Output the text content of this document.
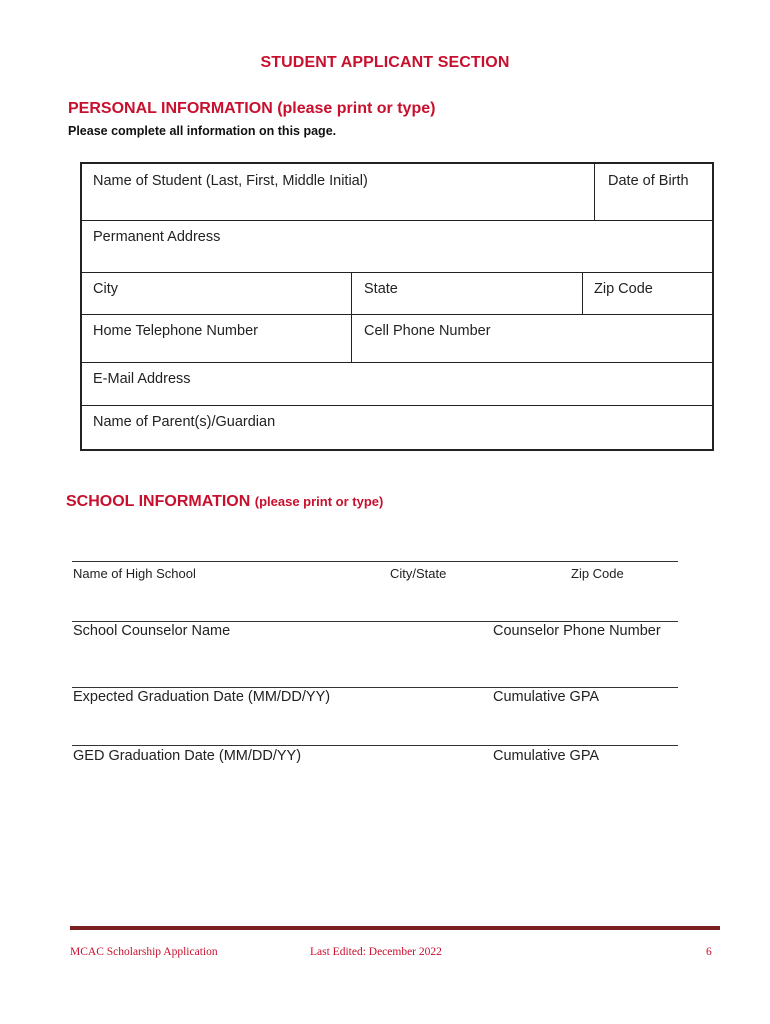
STUDENT APPLICANT SECTION
PERSONAL INFORMATION (please print or type)
Please complete all information on this page.
Name of Student (Last, First, Middle Initial)	Date of Birth
Permanent Address
City	State	Zip Code
Home Telephone Number	Cell Phone Number
E-Mail Address
Name of Parent(s)/Guardian
SCHOOL INFORMATION (please print or type)
Name of High School	City/State	Zip Code
School Counselor Name	Counselor Phone Number
Expected Graduation Date (MM/DD/YY)	Cumulative GPA
GED Graduation Date (MM/DD/YY)	Cumulative GPA
MCAC Scholarship Application	Last Edited: December 2022	6
